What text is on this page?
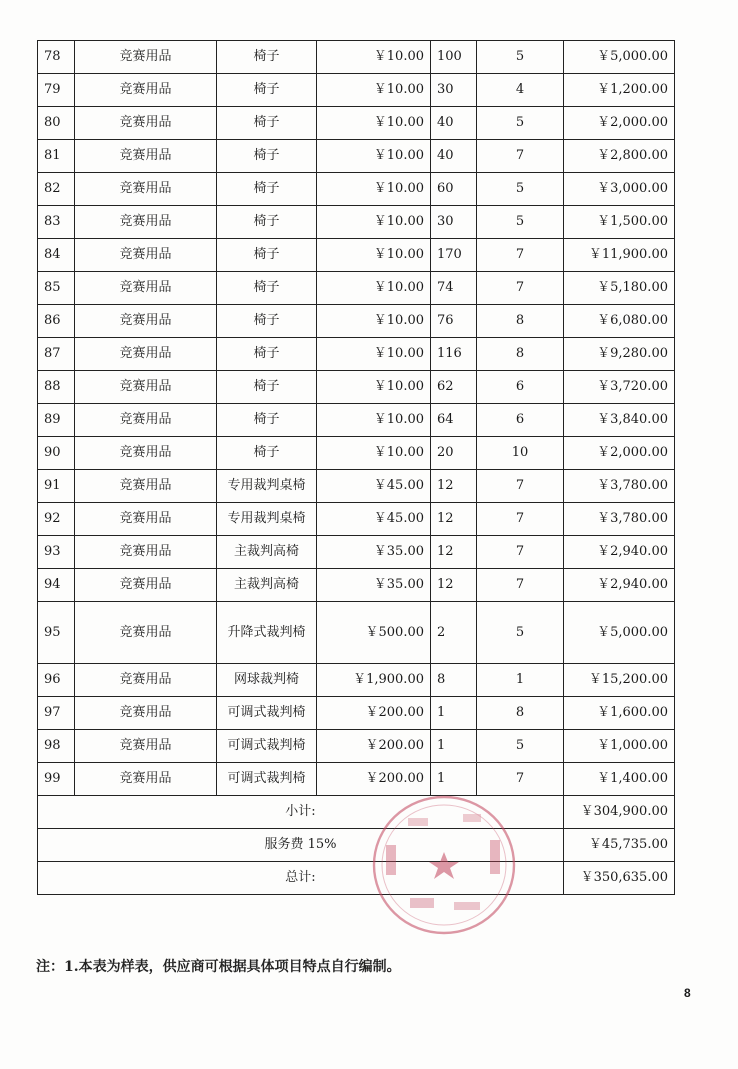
78	竞赛用品	椅子	￥10.00	100	5	￥5,000.00
79	竞赛用品	椅子	￥10.00	30	4	￥1,200.00
80	竞赛用品	椅子	￥10.00	40	5	￥2,000.00
81	竞赛用品	椅子	￥10.00	40	7	￥2,800.00
82	竞赛用品	椅子	￥10.00	60	5	￥3,000.00
83	竞赛用品	椅子	￥10.00	30	5	￥1,500.00
84	竞赛用品	椅子	￥10.00	170	7	￥11,900.00
85	竞赛用品	椅子	￥10.00	74	7	￥5,180.00
86	竞赛用品	椅子	￥10.00	76	8	￥6,080.00
87	竞赛用品	椅子	￥10.00	116	8	￥9,280.00
88	竞赛用品	椅子	￥10.00	62	6	￥3,720.00
89	竞赛用品	椅子	￥10.00	64	6	￥3,840.00
90	竞赛用品	椅子	￥10.00	20	10	￥2,000.00
91	竞赛用品	专用裁判桌椅	￥45.00	12	7	￥3,780.00
92	竞赛用品	专用裁判桌椅	￥45.00	12	7	￥3,780.00
93	竞赛用品	主裁判高椅	￥35.00	12	7	￥2,940.00
94	竞赛用品	主裁判高椅	￥35.00	12	7	￥2,940.00
95	竞赛用品	升降式裁判椅	￥500.00	2	5	￥5,000.00
96	竞赛用品	网球裁判椅	￥1,900.00	8	1	￥15,200.00
97	竞赛用品	可调式裁判椅	￥200.00	1	8	￥1,600.00
98	竞赛用品	可调式裁判椅	￥200.00	1	5	￥1,000.00
99	竞赛用品	可调式裁判椅	￥200.00	1	7	￥1,400.00
小计:						￥304,900.00
服务费 15%						￥45,735.00
总计:						￥350,635.00
注：1.本表为样表，供应商可根据具体项目特点自行编制。
8
